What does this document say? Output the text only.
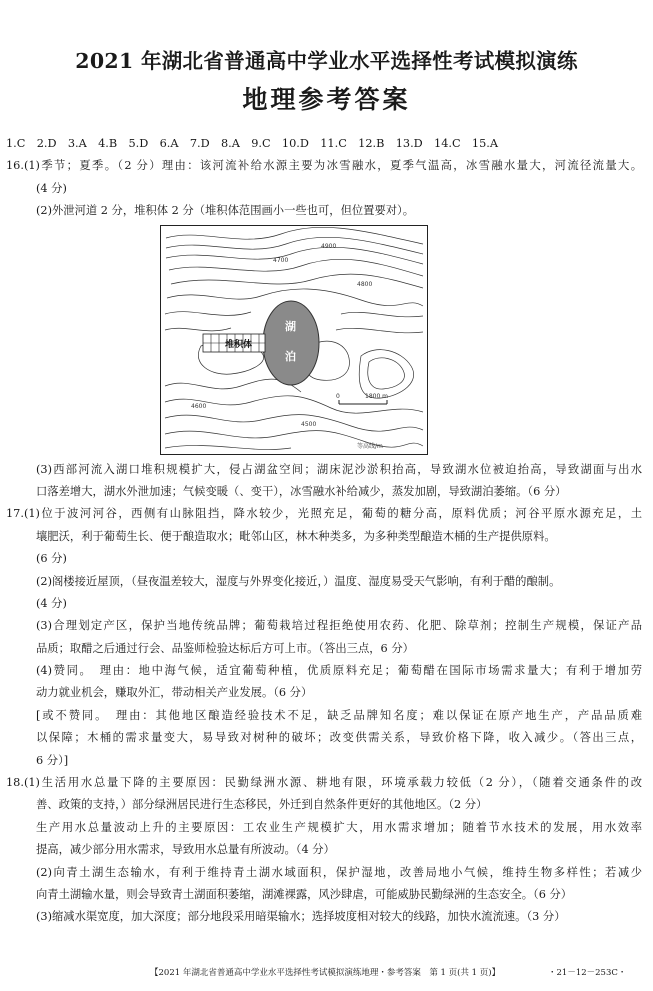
2021 年湖北省普通高中学业水平选择性考试模拟演练
地理参考答案
1.C　2.D　3.A　4.B　5.D　6.A　7.D　8.A　9.C　10.D　11.C　12.B　13.D　14.C　15.A
16.(1)季节；夏季。（2 分）理由：该河流补给水源主要为冰雪融水，夏季气温高，冰雪融水量大，河流径流量大。
(4 分)
(2)外泄河道 2 分，堆积体 2 分（堆积体范围画小一些也可，但位置要对）。
4700
4900
4800
4600
4500
0	1800 m
等高线/m
堆积体
湖
泊
(3)西部河流入湖口堆积规模扩大，侵占湖盆空间；湖床泥沙淤积抬高，导致湖水位被迫抬高，导致湖面与出水
口落差增大，湖水外泄加速；气候变暖（、变干），冰雪融水补给减少，蒸发加剧，导致湖泊萎缩。（6 分）
17.(1)位于波河河谷，西侧有山脉阻挡，降水较少，光照充足，葡萄的糖分高，原料优质；河谷平原水源充足，土
壤肥沃，利于葡萄生长、便于酿造取水；毗邻山区，林木种类多，为多种类型酿造木桶的生产提供原料。
(6 分)
(2)阁楼接近屋顶，（昼夜温差较大，湿度与外界变化接近，）温度、湿度易受天气影响，有利于醋的酿制。
(4 分)
(3)合理划定产区，保护当地传统品牌；葡萄栽培过程拒绝使用农药、化肥、除草剂；控制生产规模，保证产品
品质；取醋之后通过行会、品鉴师检验达标后方可上市。（答出三点，6 分）
(4)赞同。　理由：地中海气候，适宜葡萄种植，优质原料充足；葡萄醋在国际市场需求量大；有利于增加劳
动力就业机会，赚取外汇，带动相关产业发展。（6 分）
[或不赞同。　理由：其他地区酿造经验技术不足，缺乏品牌知名度；难以保证在原产地生产，产品品质难
以保障；木桶的需求量变大，易导致对树种的破坏；改变供需关系，导致价格下降，收入减少。（答出三点，
6 分）]
18.(1)生活用水总量下降的主要原因：民勤绿洲水源、耕地有限，环境承载力较低（2 分），（随着交通条件的改
善、政策的支持，）部分绿洲居民进行生态移民，外迁到自然条件更好的其他地区。（2 分）
生产用水总量波动上升的主要原因：工农业生产规模扩大，用水需求增加；随着节水技术的发展，用水效率
提高，减少部分用水需求，导致用水总量有所波动。（4 分）
(2)向青土湖生态输水，有利于维持青土湖水域面积，保护湿地，改善局地小气候，维持生物多样性；若减少
向青土湖输水量，则会导致青土湖面积萎缩，湖滩裸露，风沙肆虐，可能威胁民勤绿洲的生态安全。（6 分）
(3)缩减水渠宽度，加大深度；部分地段采用暗渠输水；选择坡度相对较大的线路，加快水流流速。（3 分）
【2021 年湖北省普通高中学业水平选择性考试模拟演练地理・参考答案　第 1 页(共 1 页)】	・21－12－253C・
